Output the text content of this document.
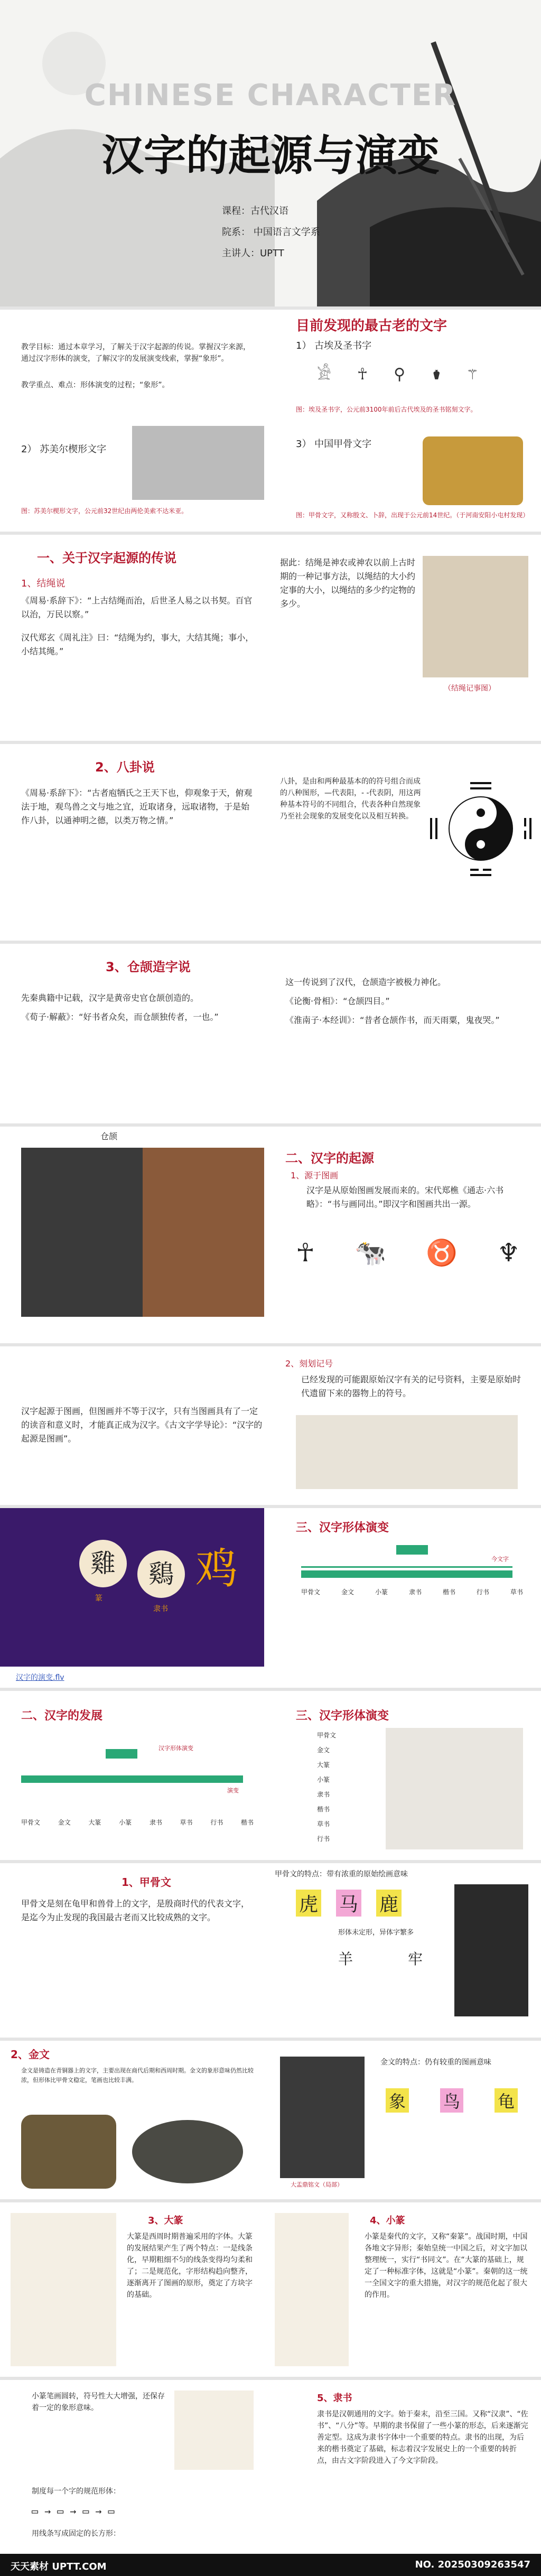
CHINESE CHARACTER
汉字的起源与演变
课程：古代汉语
院系： 中国语言文学系
主讲人：UPTT
目前发现的最古老的文字
教学目标：通过本章学习，了解关于汉字起源的传说。掌握汉字来源，通过汉字形体的演变，了解汉字的发展演变线索，掌握“象形”。
教学重点、难点：形体演变的过程；“象形”。
1） 古埃及圣书字
𓀀 ☥ ⚲ ⚱ ⚚
图：埃及圣书字，公元前3100年前后古代埃及的圣书铭刻文字。
2） 苏美尔楔形文字
图：苏美尔楔形文字，公元前32世纪由两伦美索不达米亚。
3） 中国甲骨文字
图：甲骨文字，又称殷文、卜辞，出现于公元前14世纪。（于河南安阳小屯村发现）
一、关于汉字起源的传说
1、结绳说
《周易·系辞下》：“上古结绳而治，后世圣人易之以书契。百官以治，万民以察。”
汉代郑玄《周礼注》曰：“结绳为约，事大，大结其绳；事小，小结其绳。”
据此：结绳是神农或神农以前上古时期的一种记事方法，以绳结的大小约定事的大小，以绳结的多少约定物的多少。
（结绳记事图）
2、八卦说
《周易·系辞下》：“古者庖牺氏之王天下也，仰观象于天，俯观法于地，观鸟兽之文与地之宜，近取诸身，远取诸物，于是始作八卦，以通神明之德，以类万物之情。”
八卦，是由和两种最基本的的符号组合而成的八种图形，—代表阳，- -代表阴，用这两种基本符号的不同组合，代表各种自然现象乃至社会现象的发展变化以及相互转换。
3、仓颉造字说
先秦典籍中记载，汉字是黄帝史官仓颉创造的。
《荀子·解蔽》：“好书者众矣，而仓颉独传者，一也。”
这一传说到了汉代，仓颉造字被极力神化。
《论衡·骨相》：“仓颉四目。”
《淮南子·本经训》：“昔者仓颉作书，而天雨粟，鬼夜哭。”
仓颉
二、汉字的起源
1、源于图画
汉字是从原始图画发展而来的。宋代郑樵《通志·六书略》：“书与画同出。”即汉字和图画共出一源。
☥ 🐄 ♉ ♆
汉字起源于图画，但图画并不等于汉字，只有当图画具有了一定的读音和意义时，才能真正成为汉字。《古文字学导论》：“汉字的起源是图画”。
2、刻划记号
已经发现的可能跟原始汉字有关的记号资料，主要是原始时代遗留下来的器物上的符号。
雞	鷄 鸡
篆
隶书
汉字的演变.flv
三、汉字形体演变
今文字
甲骨文	金文	小篆	隶书	楷书	行书	草书
二、汉字的发展
汉字形体演变
演变
甲骨文	金文	大篆	小篆	隶书	草书	行书	楷书
三、汉字形体演变
甲骨文
金文
大篆
小篆
隶书
楷书
草书
行书
1、甲骨文
甲骨文是刻在龟甲和兽骨上的文字，是殷商时代的代表文字，是迄今为止发现的我国最古老而又比较成熟的文字。
甲骨文的特点：带有浓重的原始绘画意味
虎 马 鹿
形体未定形，异体字繁多
羊	牢
2、金文
金文是铸造在青铜器上的文字，主要出现在商代后期和西周时期。金文的象形意味仍然比较浓，但形体比甲骨文稳定，笔画也比较丰满。
大盂鼎铭文（局部）
金文的特点：仍有较重的图画意味
象 鸟 龟
3、大篆
大篆是西周时期普遍采用的字体。大篆的发展结果产生了两个特点：一是线条化，早期粗细不匀的线条变得均匀柔和了；二是规范化，字形结构趋向整齐，逐渐离开了图画的原形，奠定了方块字的基础。
4、小篆
小篆是秦代的文字，又称“秦篆”。战国时期，中国各地文字异形；秦始皇统一中国之后，对文字加以整理统一，实行“书同文”。在“大篆的基础上，规定了一种标准字体，这就是“小篆”。秦朝的这一统一全国文字的重大措施，对汉字的规范化起了很大的作用。
小篆笔画圆转，符号性大大增强，还保存着一定的象形意味。
制度每一个字的规范形体：
▭ → ▭ → ▭ → ▭
用线条写成固定的长方形：
5、隶书
隶书是汉朝通用的文字。始于秦末，沿至三国。又称“汉隶”、“佐书”、“八分”等。早期的隶书保留了一些小篆的形态，后来逐渐完善定型。这成为隶书字体中一个重要的特点。隶书的出现，为后来的楷书奠定了基础，标志着汉字发展史上的一个重要的转折点，由古文字阶段进入了今文字阶段。
天天素材 UPTT.COM	NO. 20250309263547
